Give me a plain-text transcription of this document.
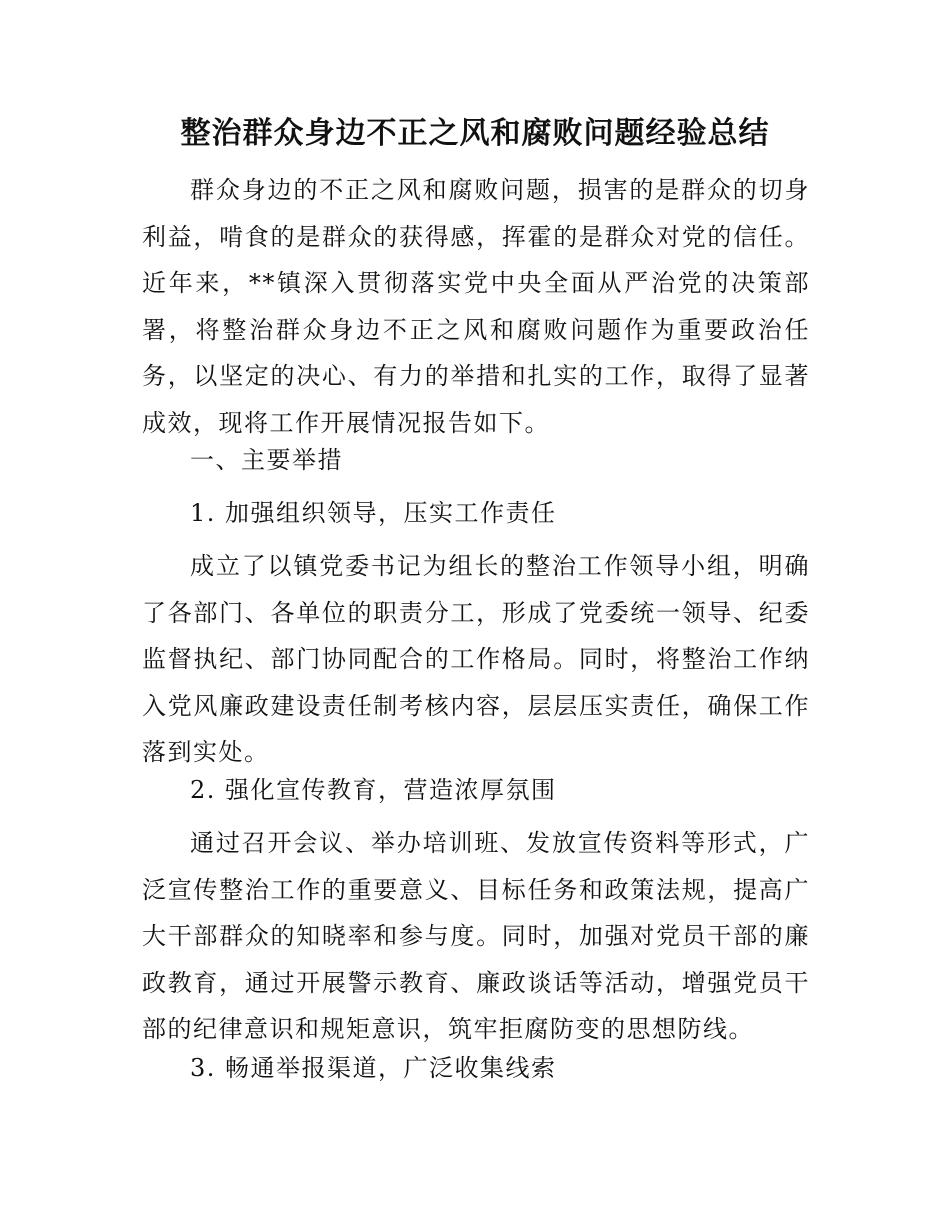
整治群众身边不正之风和腐败问题经验总结
群众身边的不正之风和腐败问题，损害的是群众的切身利益，啃食的是群众的获得感，挥霍的是群众对党的信任。近年来，**镇深入贯彻落实党中央全面从严治党的决策部署，将整治群众身边不正之风和腐败问题作为重要政治任务，以坚定的决心、有力的举措和扎实的工作，取得了显著成效，现将工作开展情况报告如下。
一、主要举措
1. 加强组织领导，压实工作责任
成立了以镇党委书记为组长的整治工作领导小组，明确了各部门、各单位的职责分工，形成了党委统一领导、纪委监督执纪、部门协同配合的工作格局。同时，将整治工作纳入党风廉政建设责任制考核内容，层层压实责任，确保工作落到实处。
2. 强化宣传教育，营造浓厚氛围
通过召开会议、举办培训班、发放宣传资料等形式，广泛宣传整治工作的重要意义、目标任务和政策法规，提高广大干部群众的知晓率和参与度。同时，加强对党员干部的廉政教育，通过开展警示教育、廉政谈话等活动，增强党员干部的纪律意识和规矩意识，筑牢拒腐防变的思想防线。
3. 畅通举报渠道，广泛收集线索
